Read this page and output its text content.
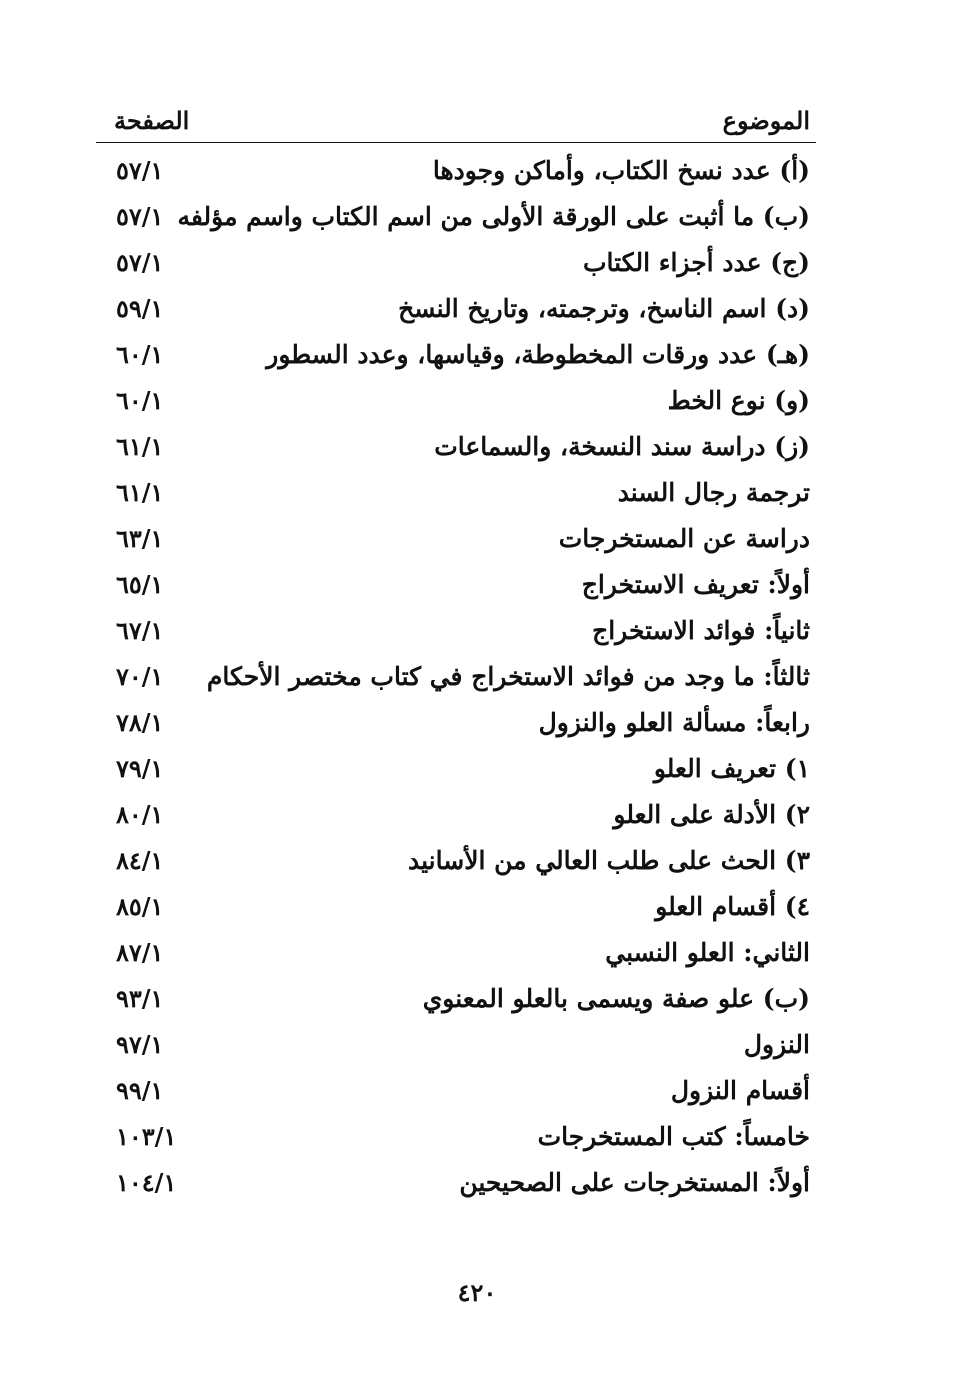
الموضوع
الصفحة
(أ) عدد نسخ الكتاب، وأماكن وجودها
٥٧/١
(ب) ما أثبت على الورقة الأولى من اسم الكتاب واسم مؤلفه
٥٧/١
(ج) عدد أجزاء الكتاب
٥٧/١
(د) اسم الناسخ، وترجمته، وتاريخ النسخ
٥٩/١
(هـ) عدد ورقات المخطوطة، وقياسها، وعدد السطور
٦٠/١
(و) نوع الخط
٦٠/١
(ز) دراسة سند النسخة، والسماعات
٦١/١
ترجمة رجال السند
٦١/١
دراسة عن المستخرجات
٦٣/١
أولاً: تعريف الاستخراج
٦٥/١
ثانياً: فوائد الاستخراج
٦٧/١
ثالثاً: ما وجد من فوائد الاستخراج في كتاب مختصر الأحكام
٧٠/١
رابعاً: مسألة العلو والنزول
٧٨/١
١) تعريف العلو
٧٩/١
٢) الأدلة على العلو
٨٠/١
٣) الحث على طلب العالي من الأسانيد
٨٤/١
٤) أقسام العلو
٨٥/١
الثاني: العلو النسبي
٨٧/١
(ب) علو صفة ويسمى بالعلو المعنوي
٩٣/١
النزول
٩٧/١
أقسام النزول
٩٩/١
خامساً: كتب المستخرجات
١٠٣/١
أولاً: المستخرجات على الصحيحين
١٠٤/١
٤٢٠
